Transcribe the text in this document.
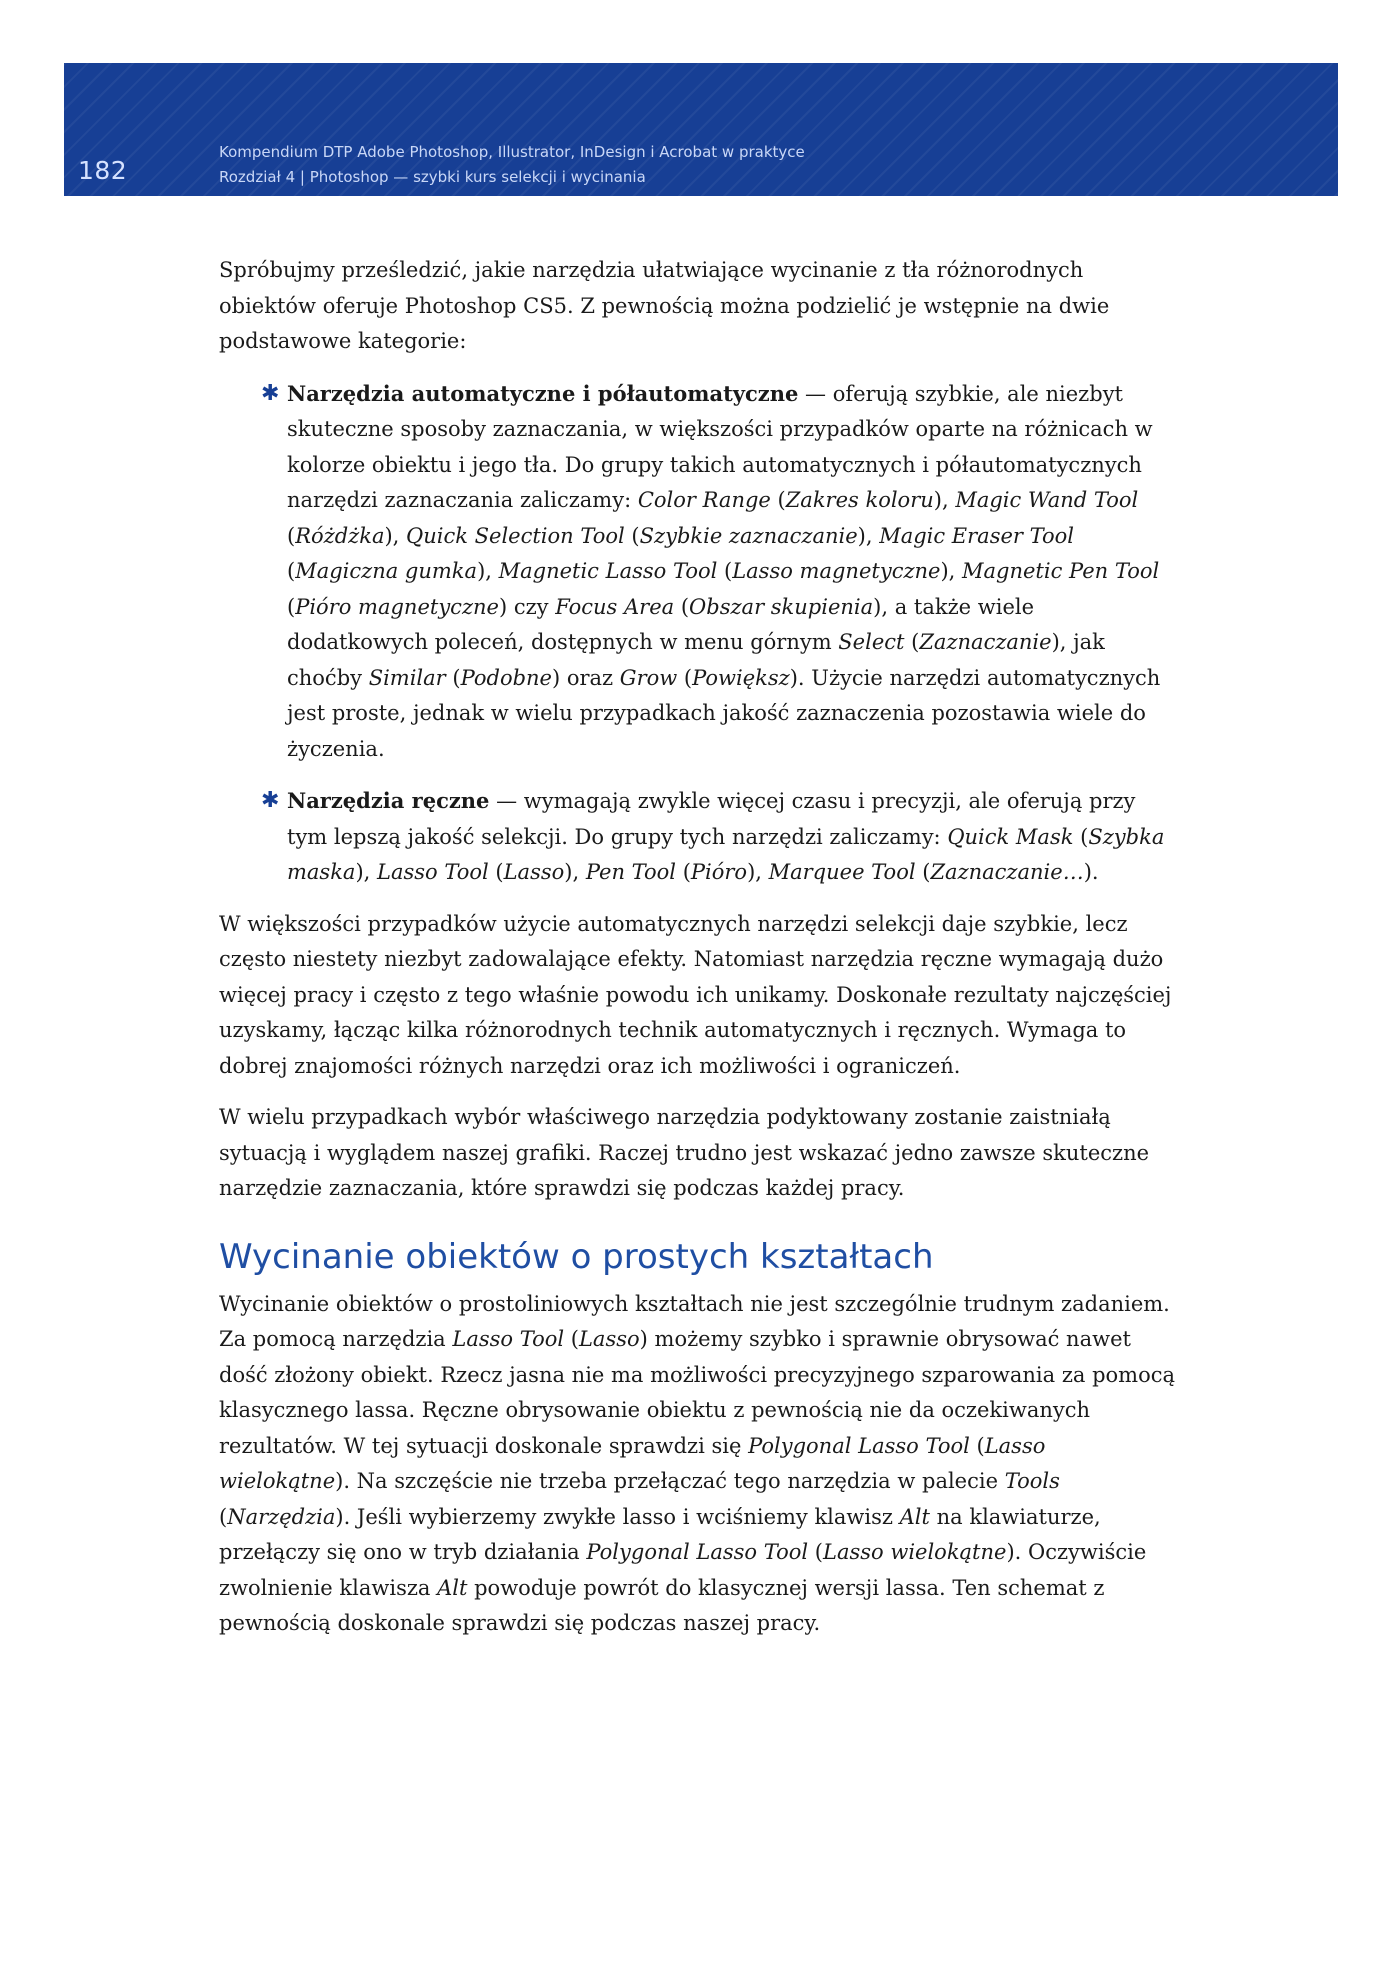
182
Kompendium DTP Adobe Photoshop, Illustrator, InDesign i Acrobat w praktyce
Rozdział 4 | Photoshop — szybki kurs selekcji i wycinania

Spróbujmy prześledzić, jakie narzędzia ułatwiające wycinanie z tła różnorodnych obiektów oferuje Photoshop CS5. Z pewnością można podzielić je wstępnie na dwie podstawowe kategorie:

✱ Narzędzia automatyczne i półautomatyczne — oferują szybkie, ale niezbyt skuteczne sposoby zaznaczania, w większości przypadków oparte na różnicach w kolorze obiektu i jego tła. Do grupy takich automatycznych i półautomatycznych narzędzi zaznaczania zaliczamy: Color Range (Zakres koloru), Magic Wand Tool (Różdżka), Quick Selection Tool (Szybkie zaznaczanie), Magic Eraser Tool (Magiczna gumka), Magnetic Lasso Tool (Lasso magnetyczne), Magnetic Pen Tool (Pióro magnetyczne) czy Focus Area (Obszar skupienia), a także wiele dodatkowych poleceń, dostępnych w menu górnym Select (Zaznaczanie), jak choćby Similar (Podobne) oraz Grow (Powiększ). Użycie narzędzi automatycznych jest proste, jednak w wielu przypadkach jakość zaznaczenia pozostawia wiele do życzenia.
✱ Narzędzia ręczne — wymagają zwykle więcej czasu i precyzji, ale oferują przy tym lepszą jakość selekcji. Do grupy tych narzędzi zaliczamy: Quick Mask (Szybka maska), Lasso Tool (Lasso), Pen Tool (Pióro), Marquee Tool (Zaznaczanie…).

W większości przypadków użycie automatycznych narzędzi selekcji daje szybkie, lecz często niestety niezbyt zadowalające efekty. Natomiast narzędzia ręczne wymagają dużo więcej pracy i często z tego właśnie powodu ich unikamy. Doskonałe rezultaty najczęściej uzyskamy, łącząc kilka różnorodnych technik automatycznych i ręcznych. Wymaga to dobrej znajomości różnych narzędzi oraz ich możliwości i ograniczeń.

W wielu przypadkach wybór właściwego narzędzia podyktowany zostanie zaistniałą sytuacją i wyglądem naszej grafiki. Raczej trudno jest wskazać jedno zawsze skuteczne narzędzie zaznaczania, które sprawdzi się podczas każdej pracy.

Wycinanie obiektów o prostych kształtach

Wycinanie obiektów o prostoliniowych kształtach nie jest szczególnie trudnym zadaniem. Za pomocą narzędzia Lasso Tool (Lasso) możemy szybko i sprawnie obrysować nawet dość złożony obiekt. Rzecz jasna nie ma możliwości precyzyjnego szparowania za pomocą klasycznego lassa. Ręczne obrysowanie obiektu z pewnością nie da oczekiwanych rezultatów. W tej sytuacji doskonale sprawdzi się Polygonal Lasso Tool (Lasso wielokątne). Na szczęście nie trzeba przełączać tego narzędzia w palecie Tools (Narzędzia). Jeśli wybierzemy zwykłe lasso i wciśniemy klawisz Alt na klawiaturze, przełączy się ono w tryb działania Polygonal Lasso Tool (Lasso wielokątne). Oczywiście zwolnienie klawisza Alt powoduje powrót do klasycznej wersji lassa. Ten schemat z pewnością doskonale sprawdzi się podczas naszej pracy.
